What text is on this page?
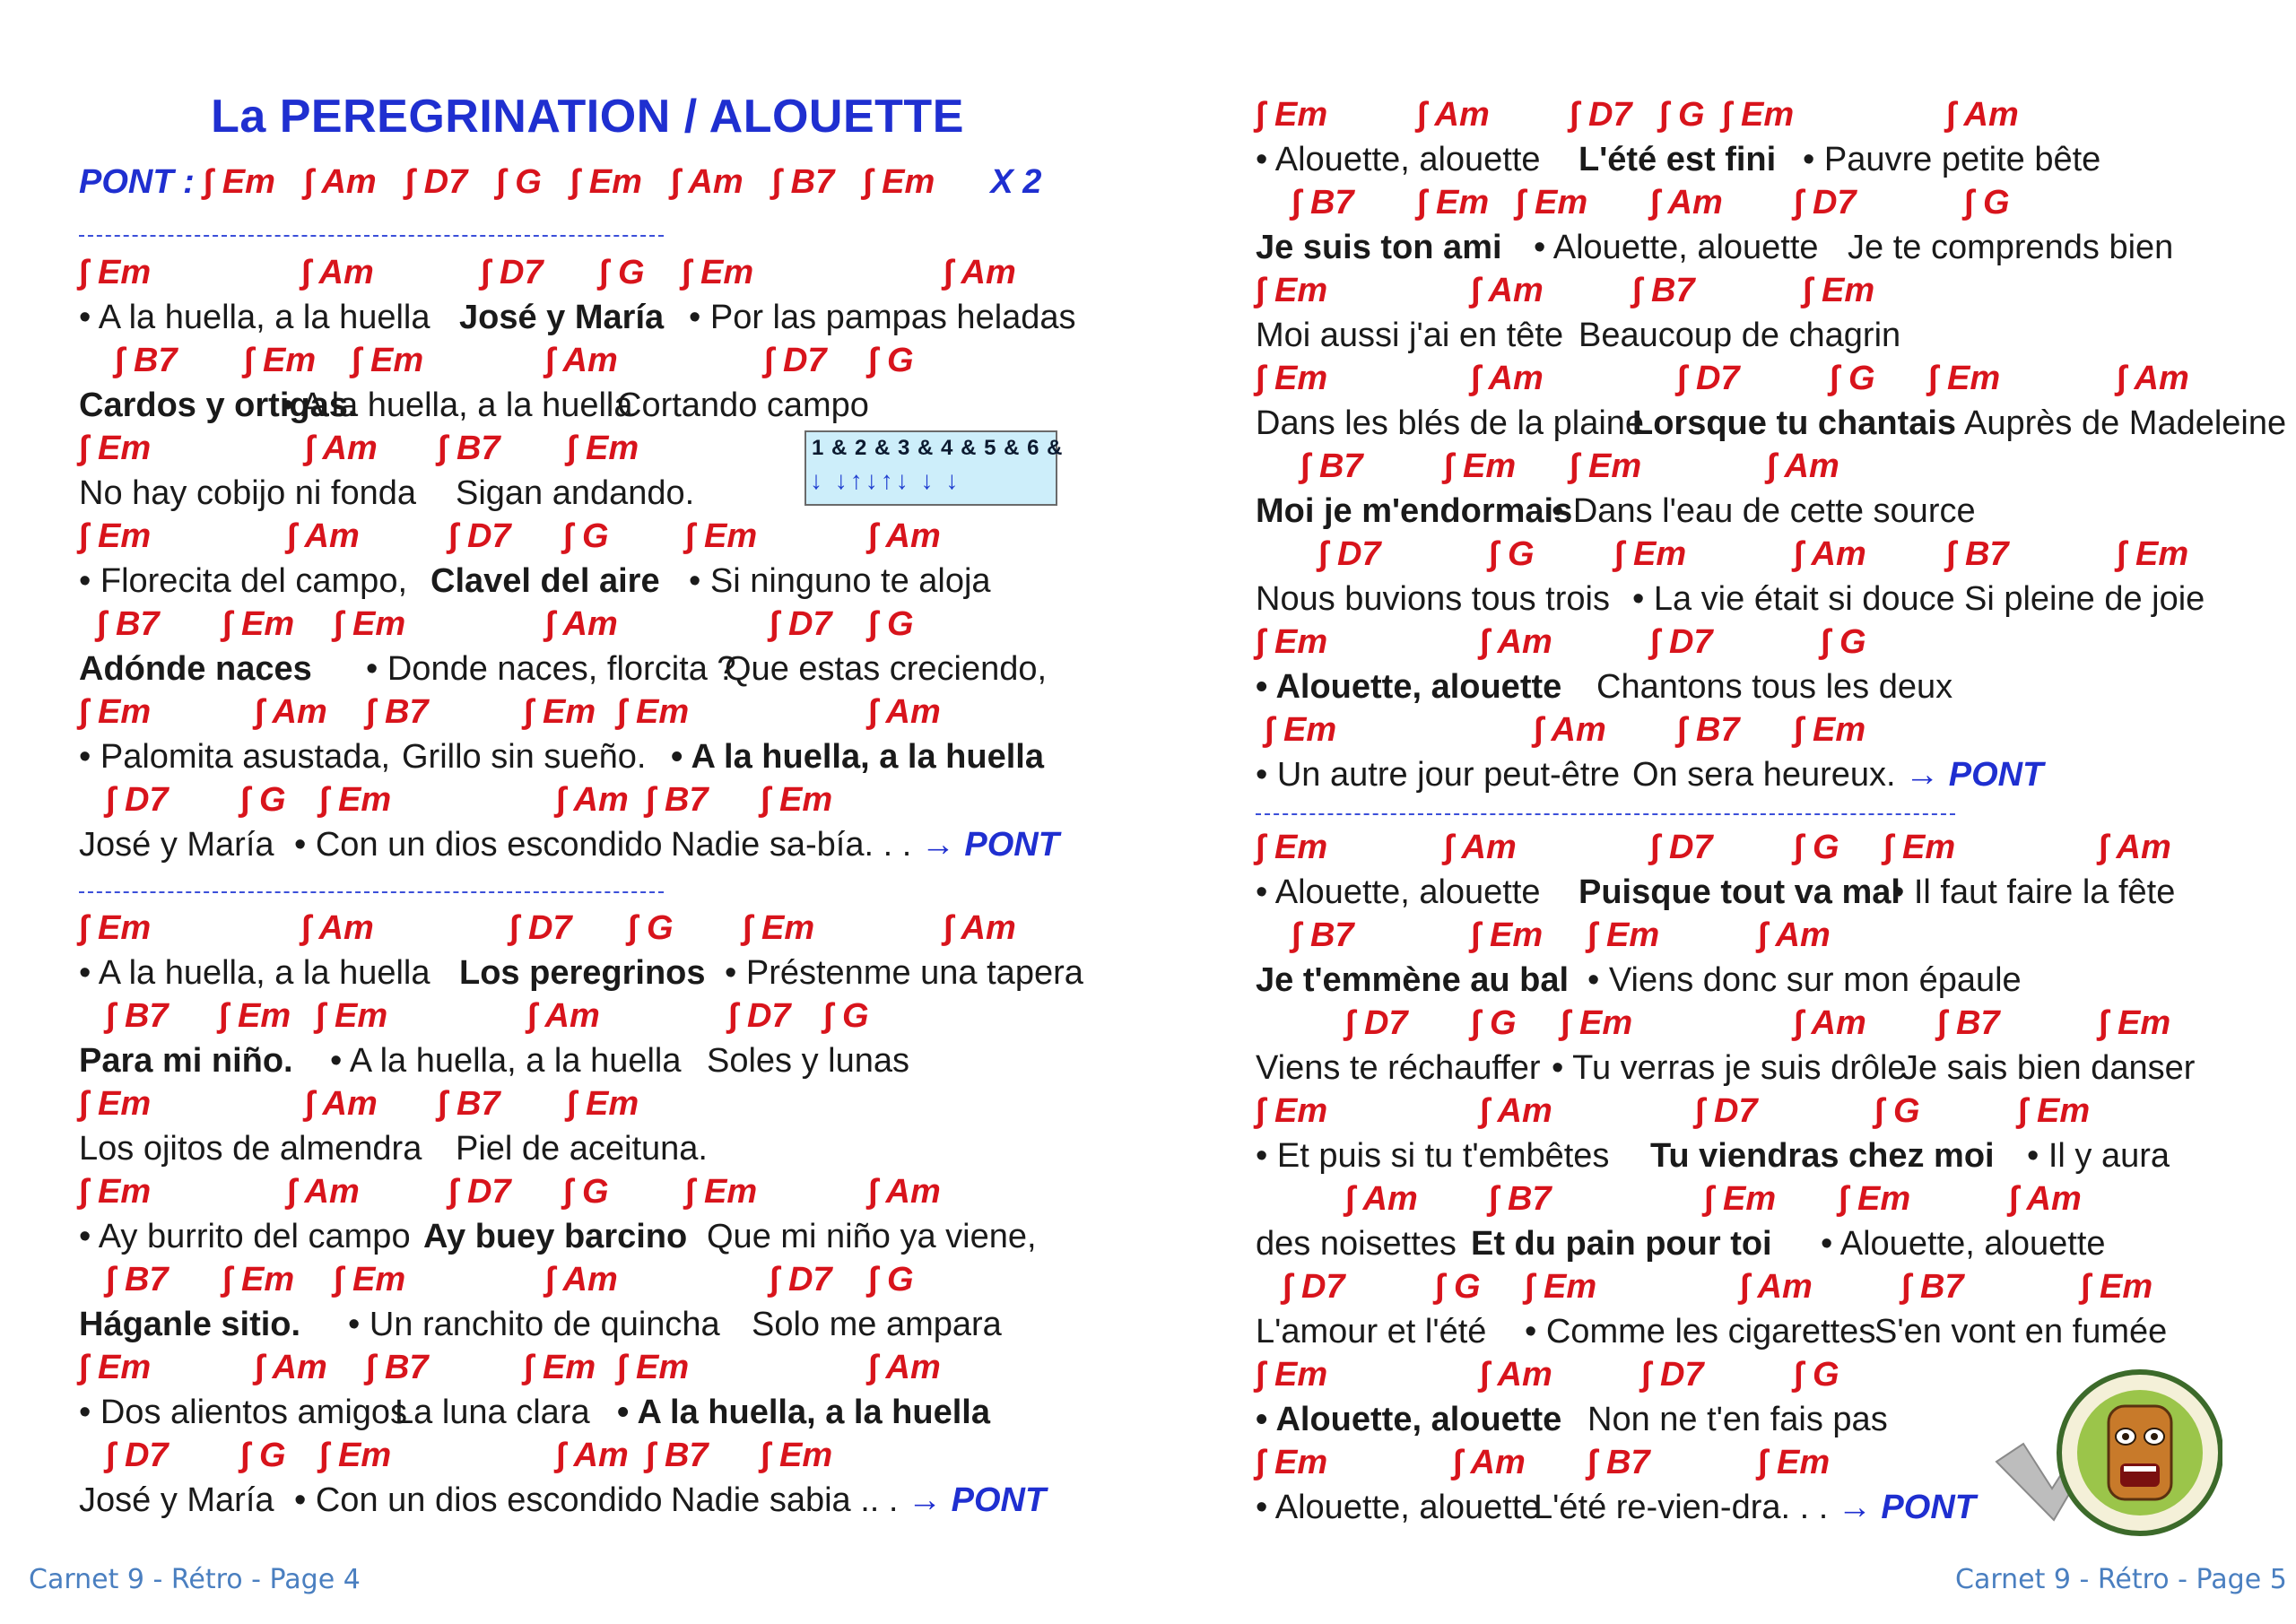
La PEREGRINATION / ALOUETTE
PONT : ∫ Em ∫ Am ∫ D7 ∫ G ∫ Em ∫ Am ∫ B7 ∫ Em X 2
∫ Em	∫ Am	∫ D7 ∫ G ∫ Em	∫ Am
• A la huella, a la huella José y María • Por las pampas heladas
∫ B7 ∫ Em ∫ Em	∫ Am	∫ D7 ∫ G
Cardos y ortigas.
• A la huella, a la huella
Cortando campo
∫ Em	∫ Am ∫ B7 ∫ Em
No hay cobijo ni fonda Sigan andando.
∫ Em	∫ Am	∫ D7 ∫ G ∫ Em	∫ Am
• Florecita del campo, Clavel del aire • Si ninguno te aloja
∫ B7 ∫ Em ∫ Em	∫ Am	∫ D7 ∫ G
Adónde naces • Donde naces, florcita ?
Que estas creciendo,
∫ Em	∫ Am ∫ B7	∫ Em ∫ Em	∫ Am
• Palomita asustada, Grillo sin sueño. • A la huella, a la huella
∫ D7 ∫ G ∫ Em	∫ Am ∫ B7 ∫ Em
José y María • Con un dios escondido Nadie sa-bía. . . → PONT
∫ Em	∫ Am	∫ D7 ∫ G ∫ Em	∫ Am
• A la huella, a la huella Los peregrinos • Préstenme una tapera
∫ B7 ∫ Em ∫ Em	∫ Am	∫ D7 ∫ G
Para mi niño. • A la huella, a la huella Soles y lunas
∫ Em	∫ Am ∫ B7 ∫ Em
Los ojitos de almendra Piel de aceituna.
∫ Em	∫ Am	∫ D7 ∫ G ∫ Em	∫ Am
• Ay burrito del campo Ay buey barcino Que mi niño ya viene,
∫ B7 ∫ Em ∫ Em	∫ Am	∫ D7 ∫ G
Háganle sitio. • Un ranchito de quincha Solo me ampara
∫ Em	∫ Am ∫ B7	∫ Em ∫ Em	∫ Am
• Dos alientos amigos
La luna clara • A la huella, a la huella
∫ D7 ∫ G ∫ Em	∫ Am ∫ B7 ∫ Em
José y María • Con un dios escondido Nadie sabia .. . → PONT
1 & 2 & 3 & 4 & 5 & 6 &
↓ ↓↑↓↑↓ ↓ ↓
Carnet 9 - Rétro - Page 4
∫ Em	∫ Am ∫ D7 ∫ G ∫ Em	∫ Am
• Alouette, alouette L'été est fini • Pauvre petite bête
∫ B7 ∫ Em ∫ Em ∫ Am ∫ D7	∫ G
Je suis ton ami • Alouette, alouette Je te comprends bien
∫ Em	∫ Am	∫ B7	∫ Em
Moi aussi j'ai en tête Beaucoup de chagrin
∫ Em	∫ Am	∫ D7	∫ G ∫ Em	∫ Am
Dans les blés de la plaine
Lorsque tu chantais Auprès de Madeleine
∫ B7 ∫ Em ∫ Em	∫ Am
Moi je m'endormais
• Dans l'eau de cette source
∫ D7	∫ G ∫ Em	∫ Am ∫ B7	∫ Em
Nous buvions tous trois • La vie était si douce Si pleine de joie
∫ Em	∫ Am	∫ D7	∫ G
• Alouette, alouette Chantons tous les deux
∫ Em	∫ Am ∫ B7 ∫ Em
• Un autre jour peut-être On sera heureux. → PONT
∫ Em	∫ Am	∫ D7 ∫ G ∫ Em	∫ Am
• Alouette, alouette Puisque tout va mal
• Il faut faire la fête
∫ B7	∫ Em ∫ Em	∫ Am
Je t'emmène au bal • Viens donc sur mon épaule
∫ D7 ∫ G ∫ Em	∫ Am ∫ B7	∫ Em
Viens te réchauffer • Tu verras je suis drôle
Je sais bien danser
∫ Em	∫ Am	∫ D7	∫ G	∫ Em
• Et puis si tu t'embêtes Tu viendras chez moi • Il y aura
∫ Am ∫ B7	∫ Em ∫ Em	∫ Am
des noisettes Et du pain pour toi • Alouette, alouette
∫ D7	∫ G ∫ Em	∫ Am	∫ B7	∫ Em
L'amour et l'été • Comme les cigarettes
S'en vont en fumée
∫ Em	∫ Am	∫ D7	∫ G
• Alouette, alouette Non ne t'en fais pas
∫ Em	∫ Am ∫ B7	∫ Em
• Alouette, alouette
L'été re-vien-dra. . . → PONT
Carnet 9 - Rétro - Page 5
